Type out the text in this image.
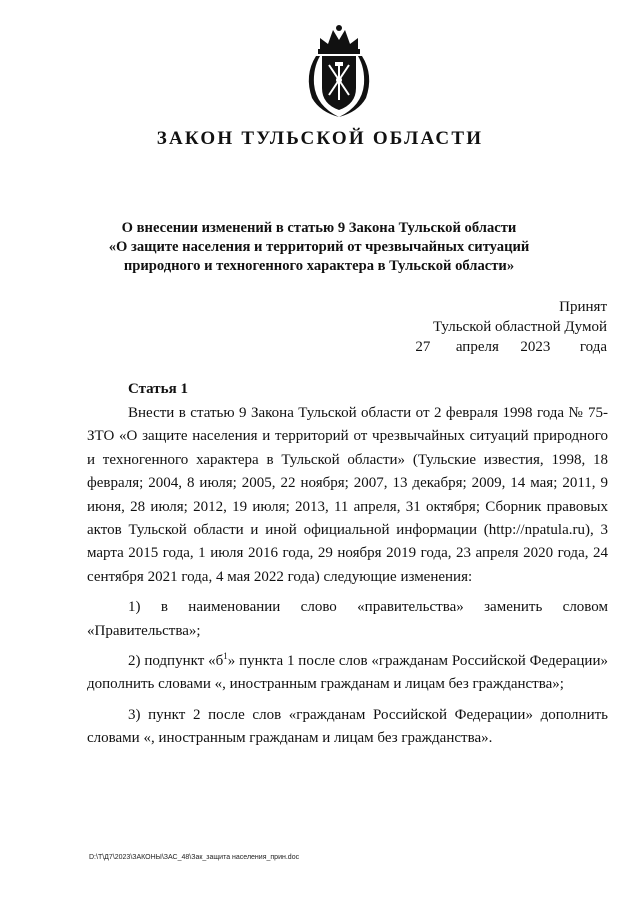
ЗАКОН ТУЛЬСКОЙ ОБЛАСТИ
О внесении изменений в статью 9 Закона Тульской области
«О защите населения и территорий от чрезвычайных ситуаций
природного и техногенного характера в Тульской области»
Принят
Тульской областной Думой
27 апреля 2023 года
Статья 1

Внести в статью 9 Закона Тульской области от 2 февраля 1998 года № 75-ЗТО «О защите населения и территорий от чрезвычайных ситуаций природного и техногенного характера в Тульской области» (Тульские известия, 1998, 18 февраля; 2004, 8 июля; 2005, 22 ноября; 2007, 13 декабря; 2009, 14 мая; 2011, 9 июня, 28 июля; 2012, 19 июля; 2013, 11 апреля, 31 октября; Сборник правовых актов Тульской области и иной официальной информации (http://npatula.ru), 3 марта 2015 года, 1 июля 2016 года, 29 ноября 2019 года, 23 апреля 2020 года, 24 сентября 2021 года, 4 мая 2022 года) следующие изменения:

1) в наименовании слово «правительства» заменить словом «Правительства»;

2) подпункт «$б^1$» пункта 1 после слов «гражданам Российской Федерации» дополнить словами «, иностранным гражданам и лицам без гражданства»;

3) пункт 2 после слов «гражданам Российской Федерации» дополнить словами «, иностранным гражданам и лицам без гражданства».

D:\Т\Д7\2023\ЗАКОНЫ\ЗАС_48\Зак_защита населения_прин.doc
